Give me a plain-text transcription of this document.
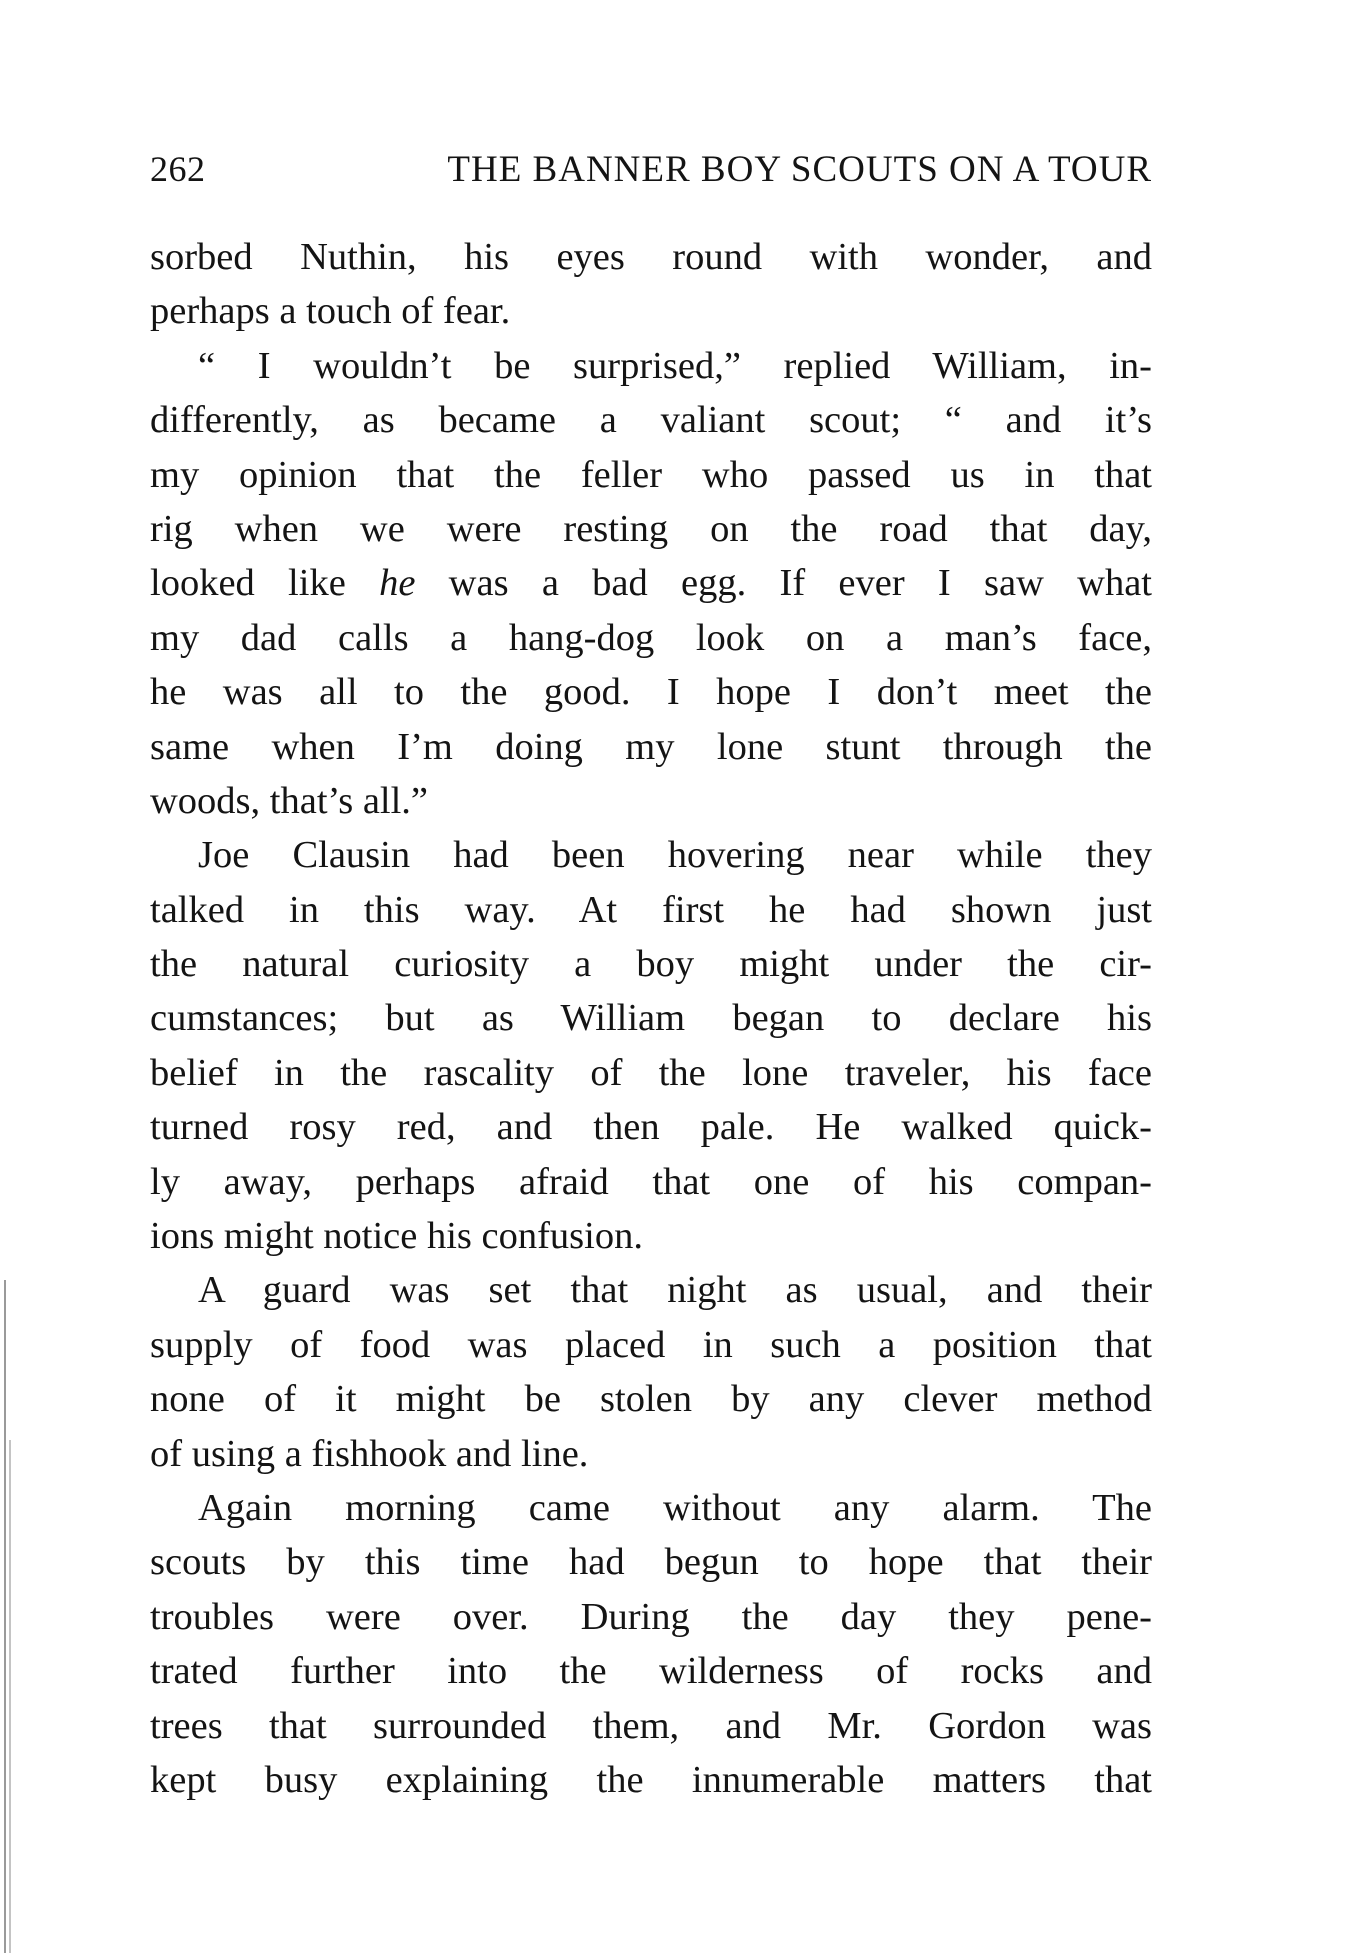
262	THE BANNER BOY SCOUTS ON A TOUR
sorbed Nuthin, his eyes round with wonder, and
perhaps a touch of fear.
“ I wouldn’t be surprised,” replied William, in-
differently, as became a valiant scout; “ and it’s
my opinion that the feller who passed us in that
rig when we were resting on the road that day,
looked like he was a bad egg. If ever I saw what
my dad calls a hang-dog look on a man’s face,
he was all to the good. I hope I don’t meet the
same when I’m doing my lone stunt through the
woods, that’s all.”
Joe Clausin had been hovering near while they
talked in this way. At first he had shown just
the natural curiosity a boy might under the cir-
cumstances; but as William began to declare his
belief in the rascality of the lone traveler, his face
turned rosy red, and then pale. He walked quick-
ly away, perhaps afraid that one of his compan-
ions might notice his confusion.
A guard was set that night as usual, and their
supply of food was placed in such a position that
none of it might be stolen by any clever method
of using a fishhook and line.
Again morning came without any alarm. The
scouts by this time had begun to hope that their
troubles were over. During the day they pene-
trated further into the wilderness of rocks and
trees that surrounded them, and Mr. Gordon was
kept busy explaining the innumerable matters that
